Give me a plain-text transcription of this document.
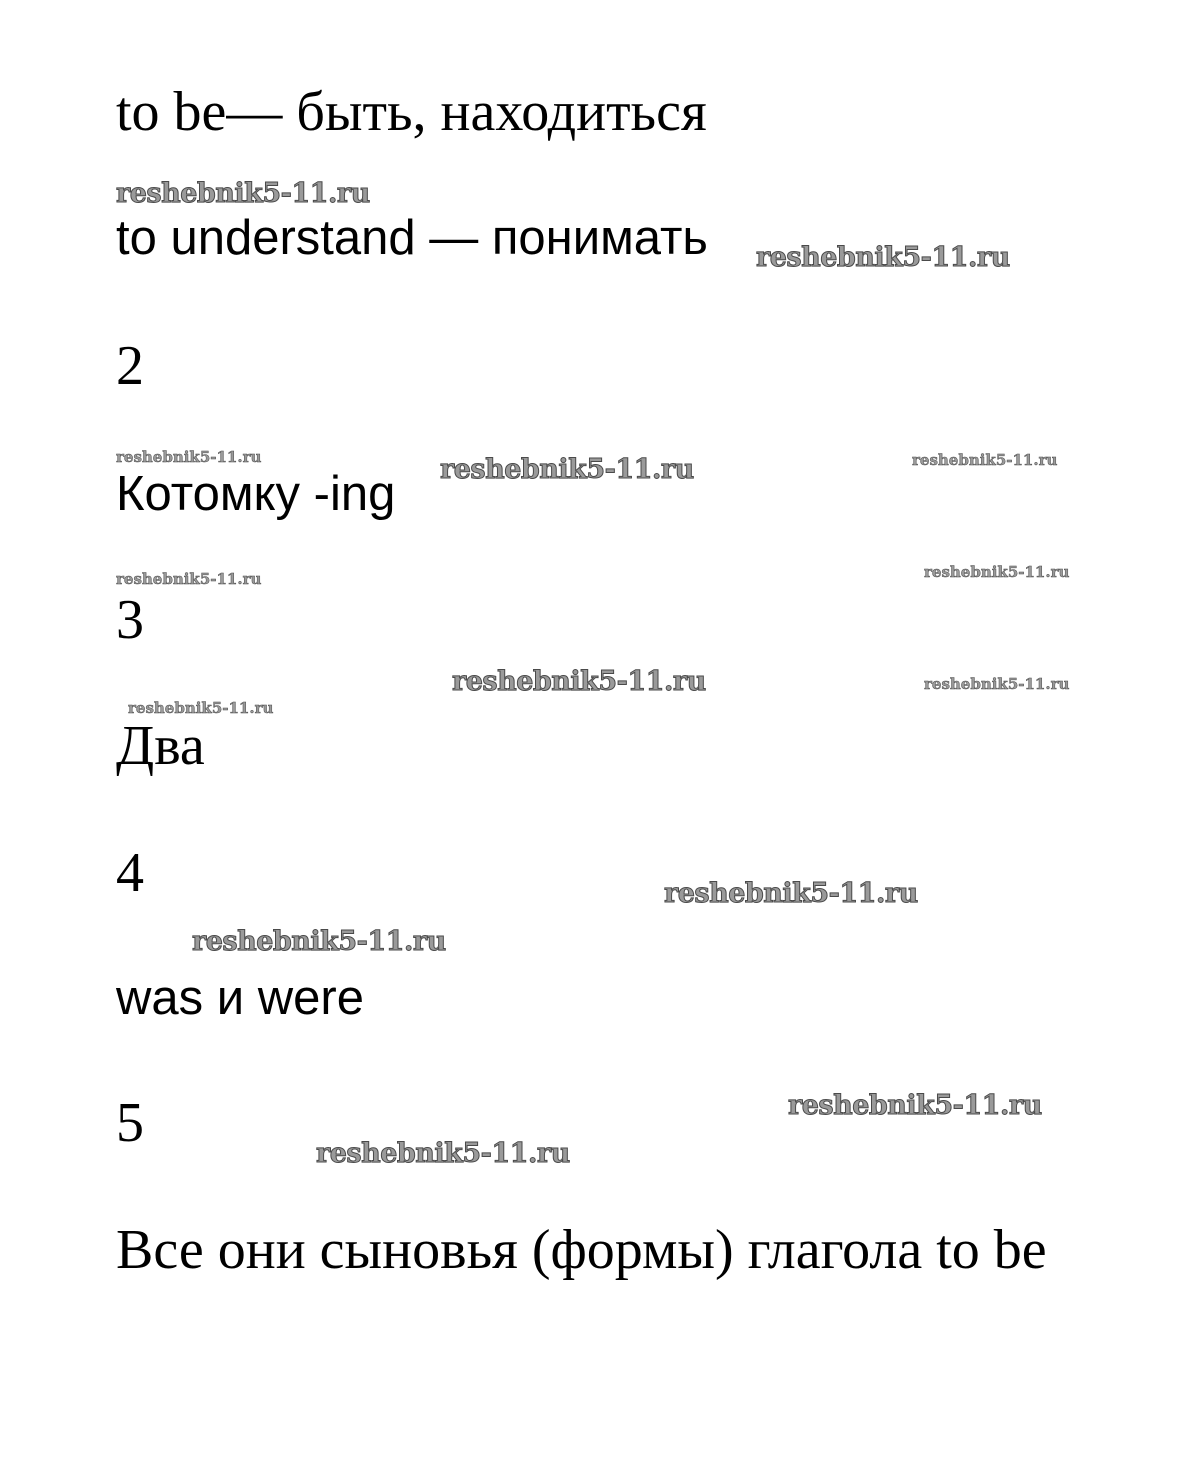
to be— быть, находиться

to understand — понимать

2

Котомку -ing

3

Два

4

was и were

5

Все они сыновья (формы) глагола to be

reshebnik5-11.ru
reshebnik5-11.ru
reshebnik5-11.ru	reshebnik5-11.ru	reshebnik5-11.ru
reshebnik5-11.ru	reshebnik5-11.ru
reshebnik5-11.ru	reshebnik5-11.ru
reshebnik5-11.ru
reshebnik5-11.ru
reshebnik5-11.ru
reshebnik5-11.ru
reshebnik5-11.ru
